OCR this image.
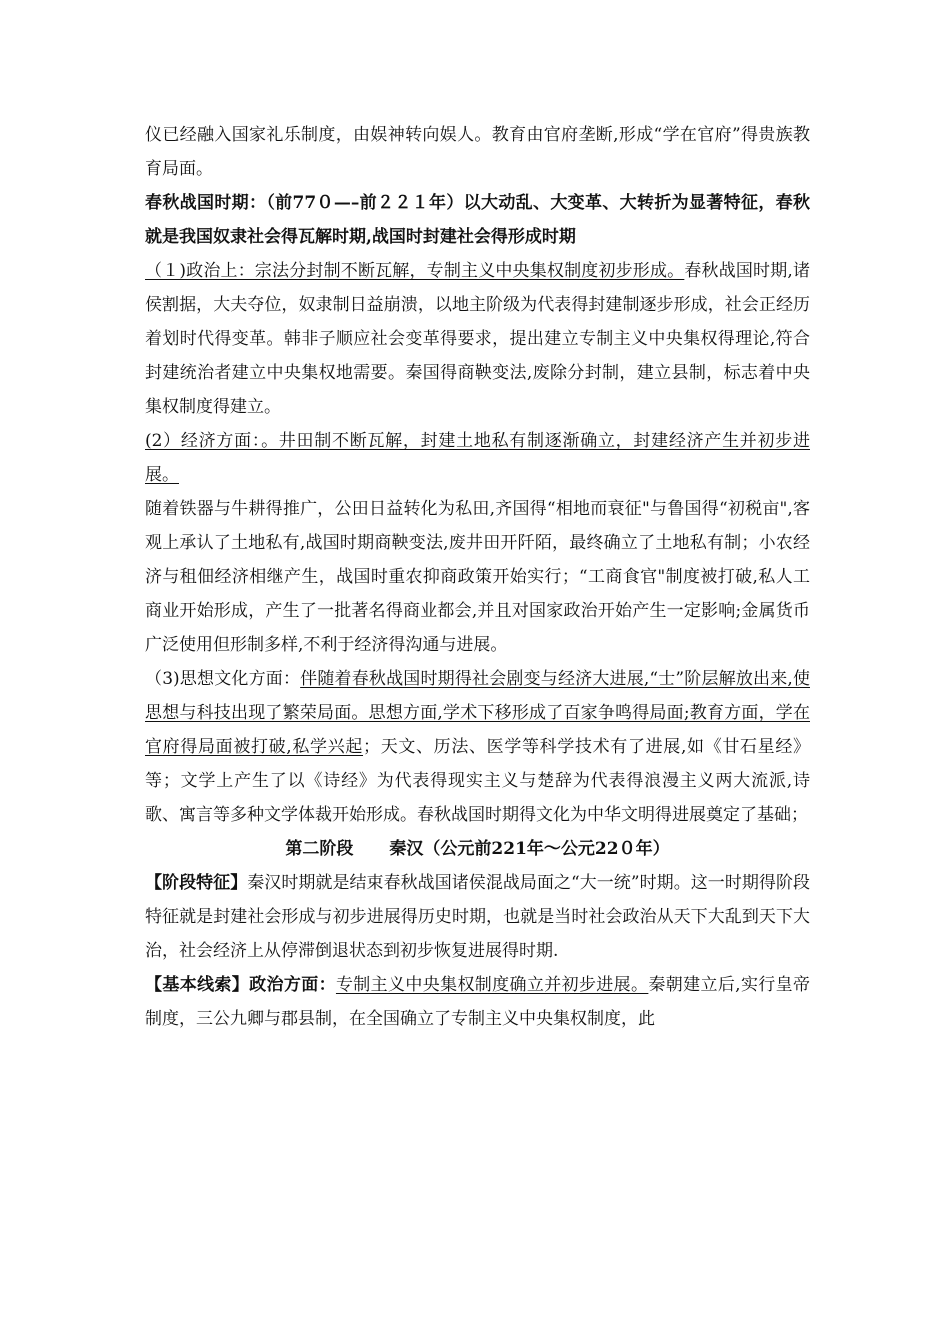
仪已经融入国家礼乐制度，由娱神转向娱人。教育由官府垄断,形成“学在官府”得贵族教育局面。

春秋战国时期：（前77０—–前２２１年）以大动乱、大变革、大转折为显著特征，春秋就是我国奴隶社会得瓦解时期,战国时封建社会得形成时期

（１)政治上：宗法分封制不断瓦解，专制主义中央集权制度初步形成。春秋战国时期,诸侯割据，大夫夺位，奴隶制日益崩溃，以地主阶级为代表得封建制逐步形成，社会正经历着划时代得变革。韩非子顺应社会变革得要求，提出建立专制主义中央集权得理论,符合封建统治者建立中央集权地需要。秦国得商鞅变法,废除分封制，建立县制，标志着中央集权制度得建立。

(2）经济方面：。井田制不断瓦解，封建土地私有制逐渐确立，封建经济产生并初步进展。

随着铁器与牛耕得推广，公田日益转化为私田,齐国得“相地而衰征"与鲁国得“初税亩",客观上承认了土地私有,战国时期商鞅变法,废井田开阡陌，最终确立了土地私有制；小农经济与租佃经济相继产生，战国时重农抑商政策开始实行；“工商食官"制度被打破,私人工商业开始形成，产生了一批著名得商业都会,并且对国家政治开始产生一定影响;金属货币广泛使用但形制多样,不利于经济得沟通与进展。

（3)思想文化方面：伴随着春秋战国时期得社会剧变与经济大进展,“士”阶层解放出来,使思想与科技出现了繁荣局面。思想方面,学术下移形成了百家争鸣得局面;教育方面，学在官府得局面被打破,私学兴起；天文、历法、医学等科学技术有了进展,如《甘石星经》等；文学上产生了以《诗经》为代表得现实主义与楚辞为代表得浪漫主义两大流派,诗歌、寓言等多种文学体裁开始形成。春秋战国时期得文化为中华文明得进展奠定了基础；

第二阶段 秦汉（公元前221年～公元22０年）

【阶段特征】秦汉时期就是结束春秋战国诸侯混战局面之“大一统”时期。这一时期得阶段特征就是封建社会形成与初步进展得历史时期，也就是当时社会政治从天下大乱到天下大治，社会经济上从停滞倒退状态到初步恢复进展得时期.

【基本线索】政治方面：专制主义中央集权制度确立并初步进展。秦朝建立后,实行皇帝制度，三公九卿与郡县制，在全国确立了专制主义中央集权制度，此
